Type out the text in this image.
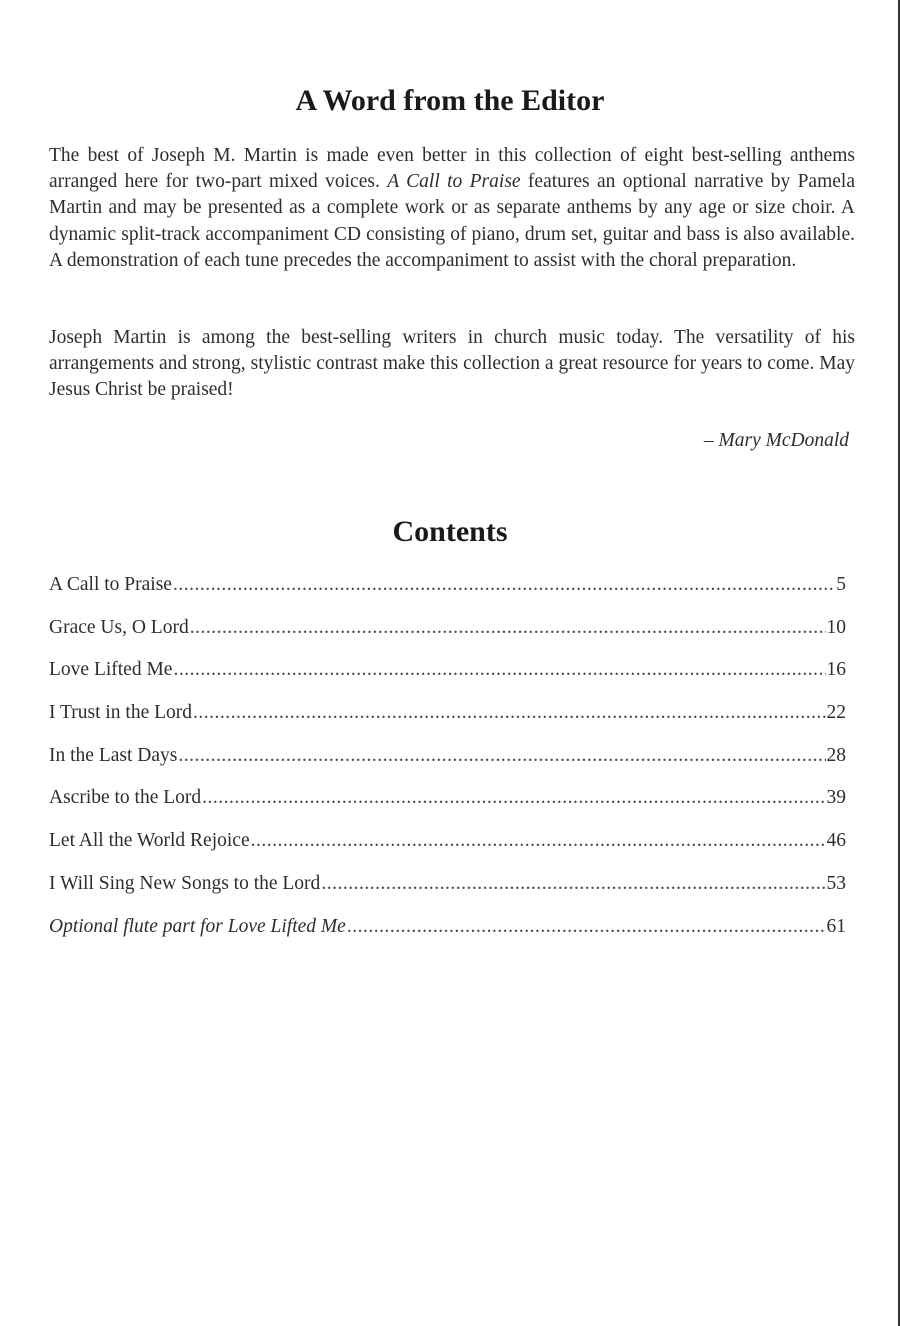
A Word from the Editor

The best of Joseph M. Martin is made even better in this collection of eight best-selling anthems arranged here for two-part mixed voices. A Call to Praise features an optional narrative by Pamela Martin and may be presented as a complete work or as separate anthems by any age or size choir. A dynamic split-track accompaniment CD consisting of piano, drum set, guitar and bass is also available. A demonstration of each tune precedes the accompaniment to assist with the choral preparation.

Joseph Martin is among the best-selling writers in church music today. The versatility of his arrangements and strong, stylistic contrast make this collection a great resource for years to come. May Jesus Christ be praised!

– Mary McDonald

Contents
A Call to Praise .....	5
Grace Us, O Lord .....	10
Love Lifted Me .....	16
I Trust in the Lord .....	22
In the Last Days .....	28
Ascribe to the Lord .....	39
Let All the World Rejoice .....	46
I Will Sing New Songs to the Lord .....	53
Optional flute part for Love Lifted Me .....	61
